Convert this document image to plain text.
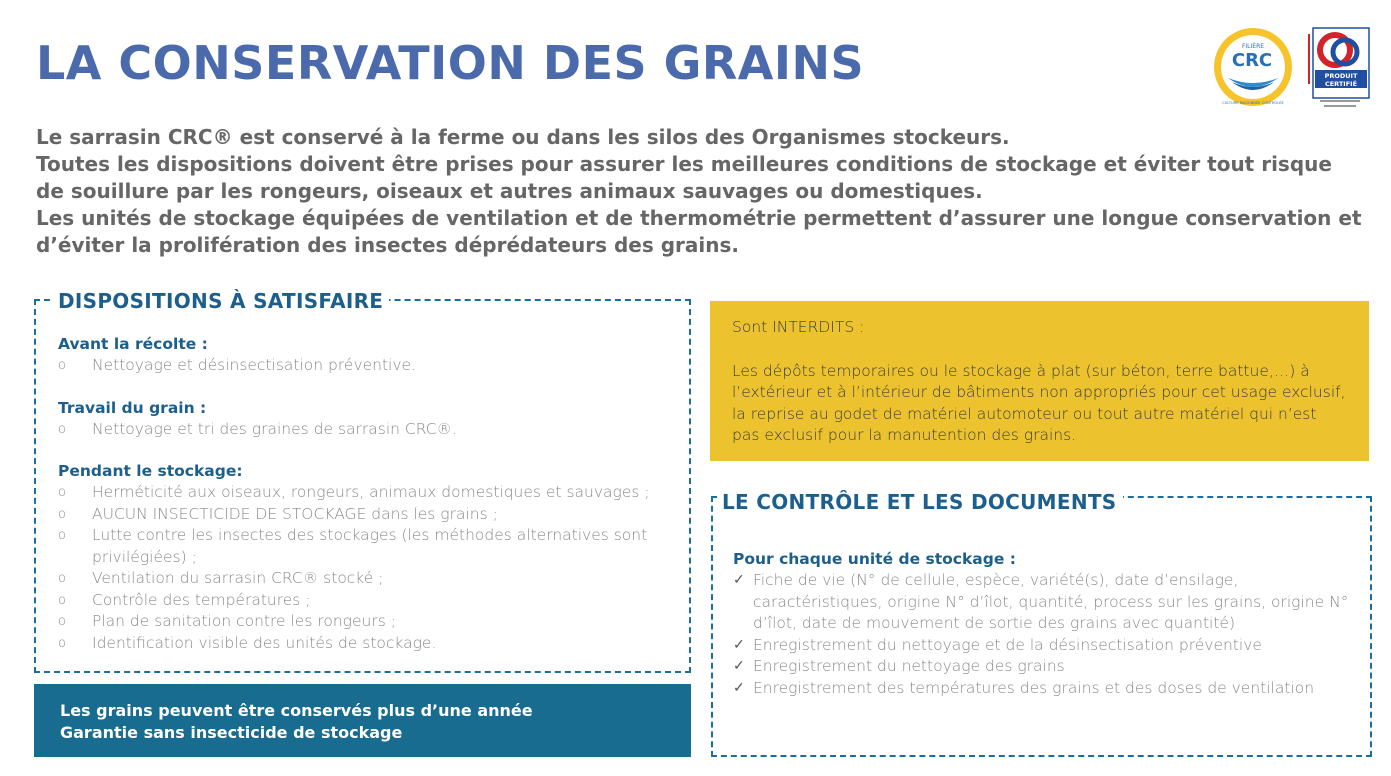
LA CONSERVATION DES GRAINS	FILIÈRE
CRC
CULTURE RAISONNÉE CONTRÔLÉE
PRODUIT
CERTIFIÉ

Le sarrasin CRC® est conservé à la ferme ou dans les silos des Organismes stockeurs.

Toutes les dispositions doivent être prises pour assurer les meilleures conditions de stockage et éviter tout risque de souillure par les rongeurs, oiseaux et autres animaux sauvages ou domestiques.

Les unités de stockage équipées de ventilation et de thermométrie permettent d’assurer une longue conservation et d’éviter la prolifération des insectes déprédateurs des grains.

Avant la récolte :
o Nettoyage et désinsectisation préventive.
Travail du grain :
o Nettoyage et tri des graines de sarrasin CRC®.
Pendant le stockage:
o Herméticité aux oiseaux, rongeurs, animaux domestiques et sauvages ;
o AUCUN INSECTICIDE DE STOCKAGE dans les grains ;
o Lutte contre les insectes des stockages (les méthodes alternatives sont privilégiées) ;
o Ventilation du sarrasin CRC® stocké ;
o Contrôle des températures ;
o Plan de sanitation contre les rongeurs ;
o Identification visible des unités de stockage.
DISPOSITIONS À SATISFAIRE

Les grains peuvent être conservés plus d’une année

Garantie sans insecticide de stockage

Sont INTERDITS :

Les dépôts temporaires ou le stockage à plat (sur béton, terre battue,…) à l’extérieur et à l’intérieur de bâtiments non appropriés pour cet usage exclusif, la reprise au godet de matériel automoteur ou tout autre matériel qui n’est pas exclusif pour la manutention des grains.

Pour chaque unité de stockage :
✓ Fiche de vie (N° de cellule, espèce, variété(s), date d’ensilage, caractéristiques, origine N° d’îlot, quantité, process sur les grains, origine N° d’îlot, date de mouvement de sortie des grains avec quantité)
✓ Enregistrement du nettoyage et de la désinsectisation préventive
✓ Enregistrement du nettoyage des grains
✓ Enregistrement des températures des grains et des doses de ventilation
LE CONTRÔLE ET LES DOCUMENTS
